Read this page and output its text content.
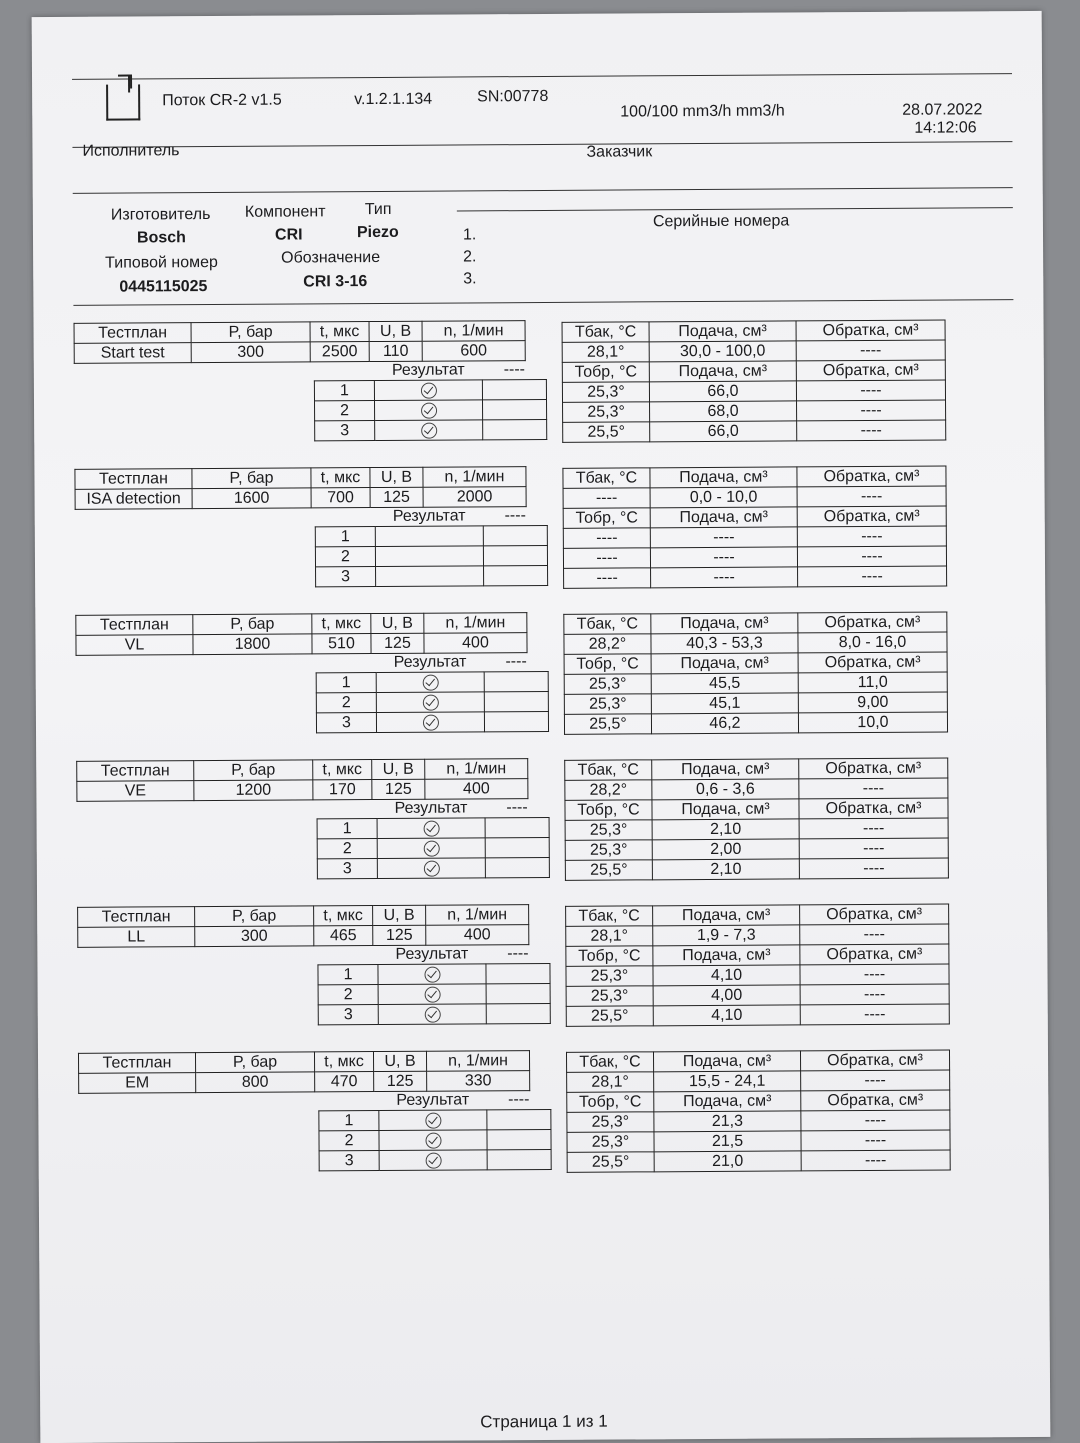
Поток CR-2 v1.5	v.1.2.1.134	SN:00778
100/100 mm3/h mm3/h	28.07.2022
14:12:06
Исполнитель	Заказчик
Изготовитель
Bosch
Компонент
CRI
Тип
Piezo
Типовой номер
0445115025
Обозначение
CRI 3-16
Серийные номера
1.
2.
3.
Тестплан	P, бар	t, мкс	U, В	n, 1/мин
Start test	300	2500	110	600
	Результат	----
1		
2		
3		
Тбак, °С	Подача, см³	Обратка, см³
28,1°	30,0 - 100,0	----
Тобр, °С	Подача, см³	Обратка, см³
25,3°	66,0	----
25,3°	68,0	----
25,5°	66,0	----
Тестплан	P, бар	t, мкс	U, В	n, 1/мин
ISA detection	1600	700	125	2000
	Результат	----
1		
2		
3		
Тбак, °С	Подача, см³	Обратка, см³
----	0,0 - 10,0	----
Тобр, °С	Подача, см³	Обратка, см³
----	----	----
----	----	----
----	----	----
Тестплан	P, бар	t, мкс	U, В	n, 1/мин
VL	1800	510	125	400
	Результат	----
1		
2		
3		
Тбак, °С	Подача, см³	Обратка, см³
28,2°	40,3 - 53,3	8,0 - 16,0
Тобр, °С	Подача, см³	Обратка, см³
25,3°	45,5	11,0
25,3°	45,1	9,00
25,5°	46,2	10,0
Тестплан	P, бар	t, мкс	U, В	n, 1/мин
VE	1200	170	125	400
	Результат	----
1		
2		
3		
Тбак, °С	Подача, см³	Обратка, см³
28,2°	0,6 - 3,6	----
Тобр, °С	Подача, см³	Обратка, см³
25,3°	2,10	----
25,3°	2,00	----
25,5°	2,10	----
Тестплан	P, бар	t, мкс	U, В	n, 1/мин
LL	300	465	125	400
	Результат	----
1		
2		
3		
Тбак, °С	Подача, см³	Обратка, см³
28,1°	1,9 - 7,3	----
Тобр, °С	Подача, см³	Обратка, см³
25,3°	4,10	----
25,3°	4,00	----
25,5°	4,10	----
Тестплан	P, бар	t, мкс	U, В	n, 1/мин
EM	800	470	125	330
	Результат	----
1		
2		
3		
Тбак, °С	Подача, см³	Обратка, см³
28,1°	15,5 - 24,1	----
Тобр, °С	Подача, см³	Обратка, см³
25,3°	21,3	----
25,3°	21,5	----
25,5°	21,0	----
Страница 1 из 1
